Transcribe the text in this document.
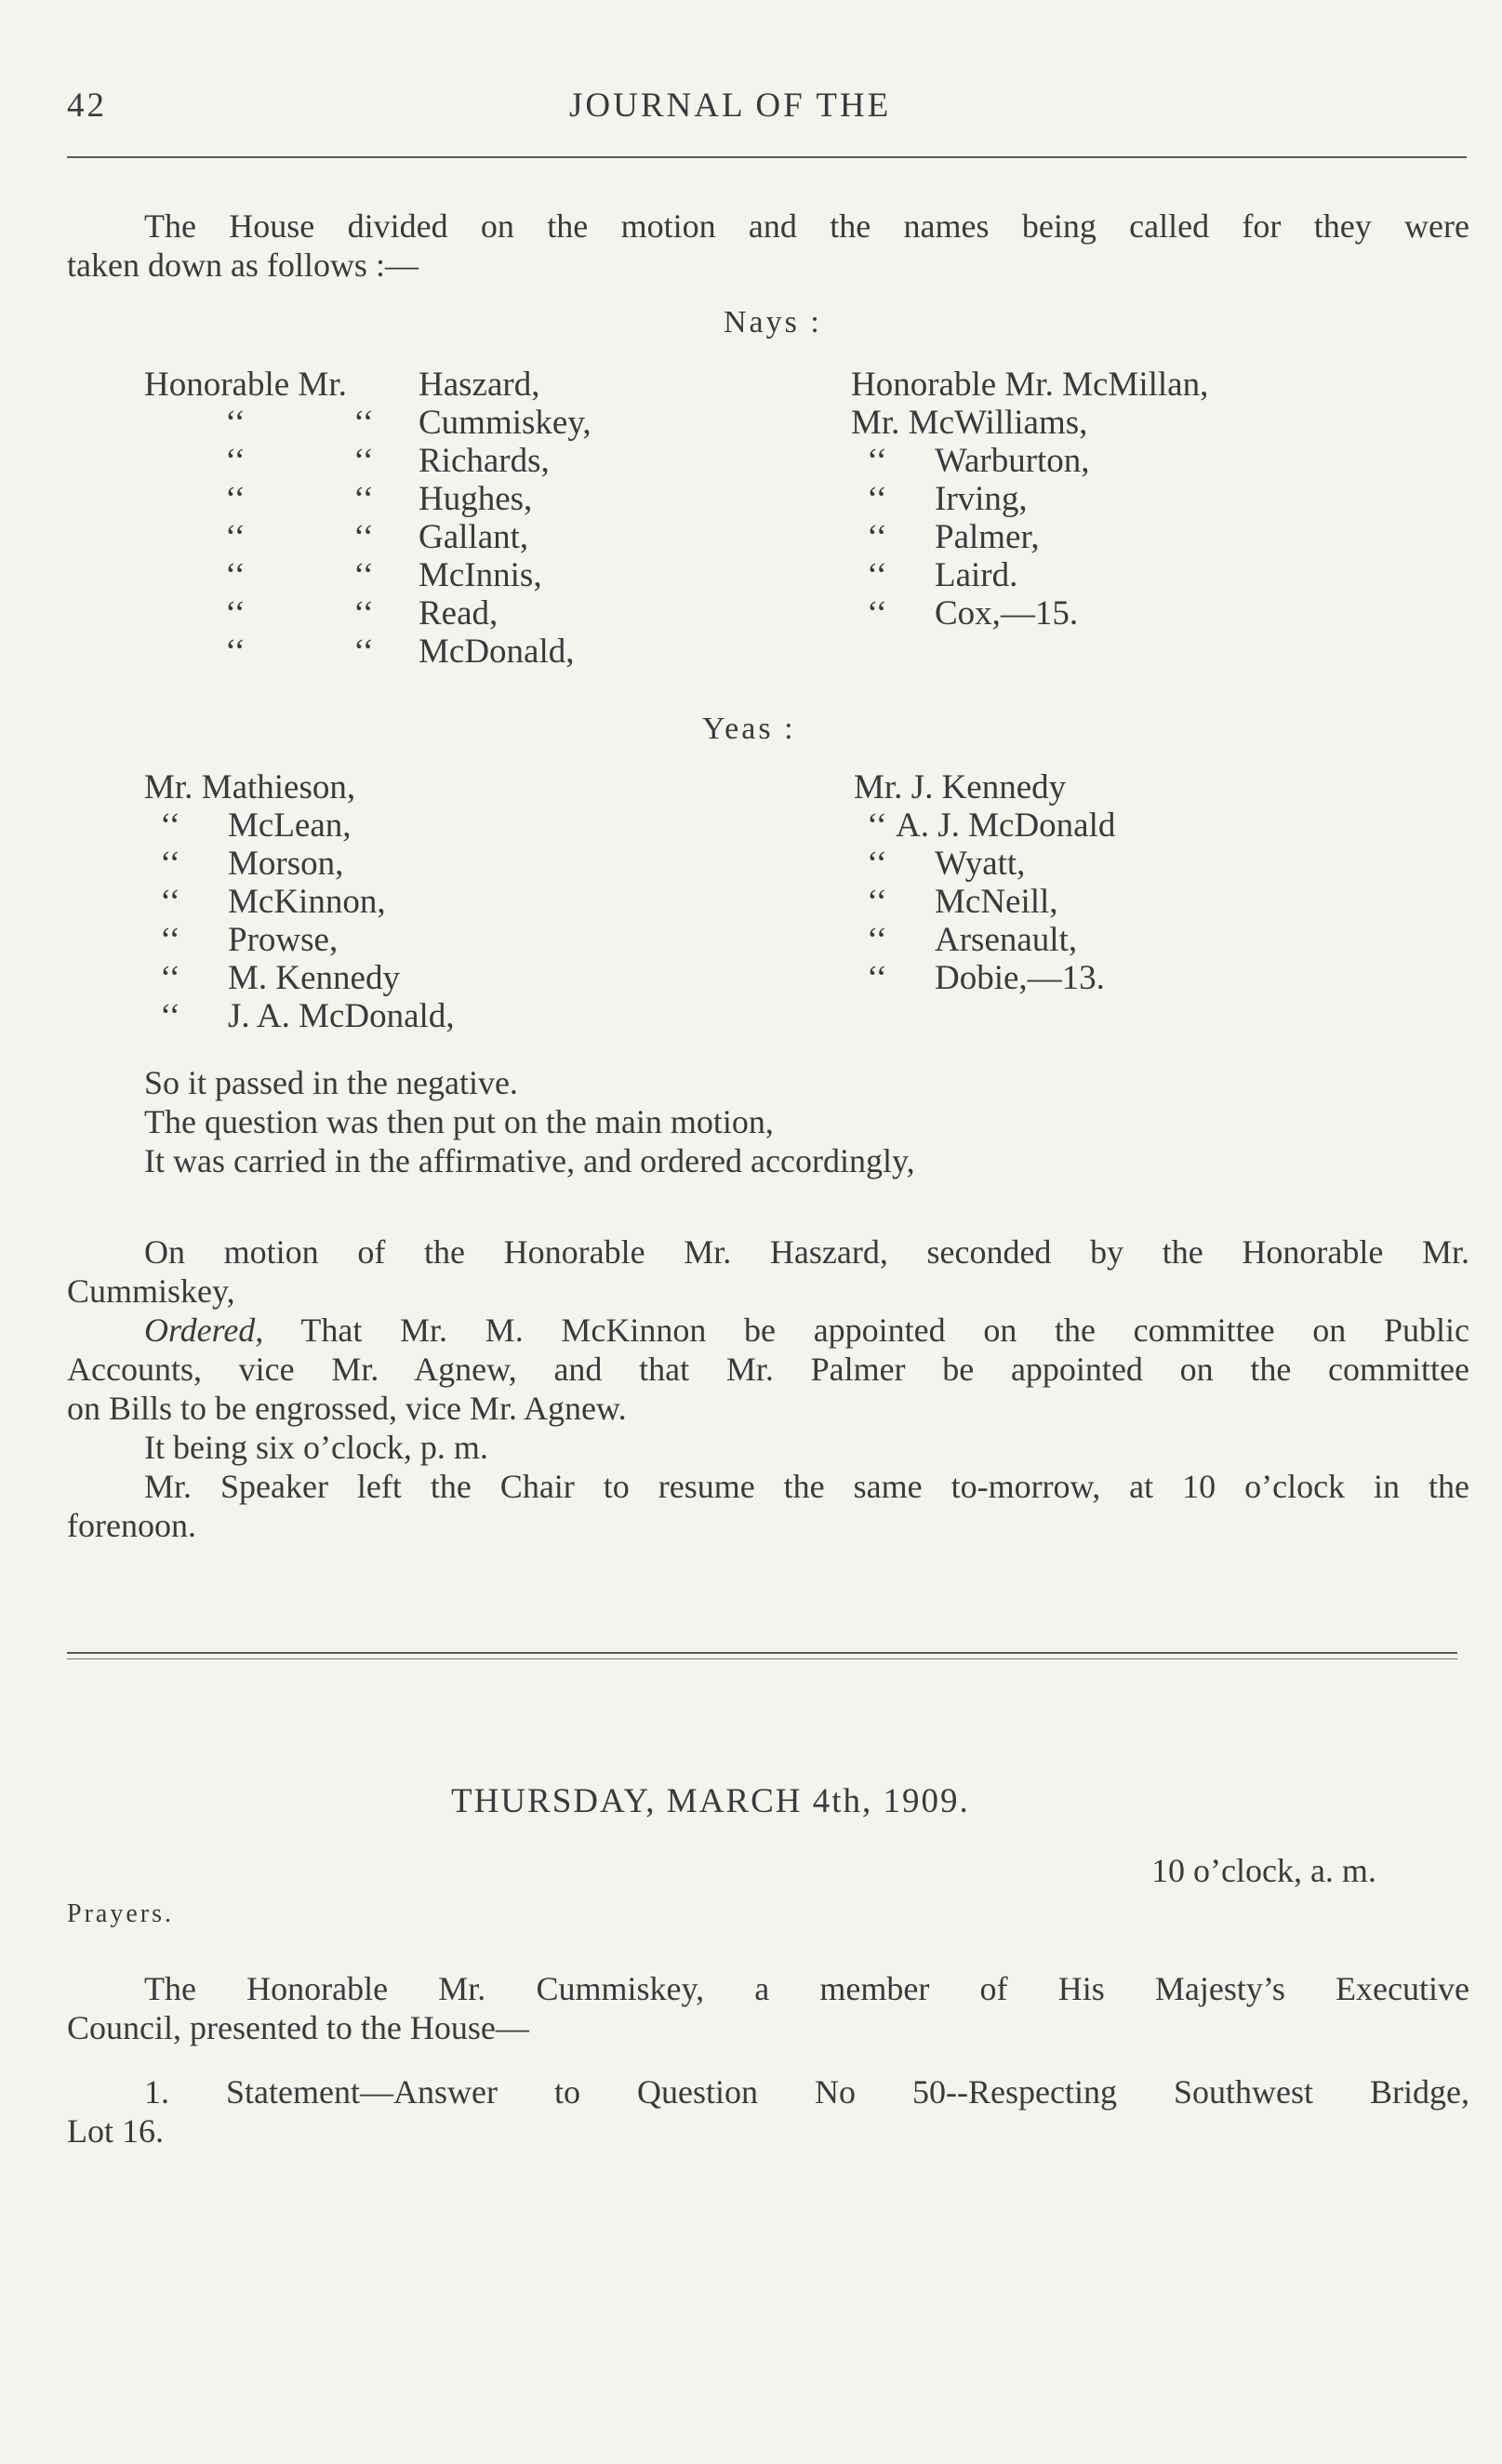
42	JOURNAL OF THE
The House divided on the motion and the names being called for they were
taken down as follows :—
Nays :
Honorable Mr.
‘‘
‘‘
‘‘
‘‘
‘‘
‘‘
‘‘
‘‘
‘‘
‘‘
‘‘
‘‘
‘‘
‘‘
Haszard,
Cummiskey,
Richards,
Hughes,
Gallant,
McInnis,
Read,
McDonald,
Honorable Mr. McMillan,
Mr. McWilliams,
‘‘
‘‘
‘‘
‘‘
‘‘
Warburton,
Irving,
Palmer,
Laird.
Cox,—15.
Yeas :
Mr. Mathieson,
‘‘
‘‘
‘‘
‘‘
‘‘
‘‘
McLean,
Morson,
McKinnon,
Prowse,
M. Kennedy
J. A. McDonald,
Mr. J. Kennedy
‘‘
‘‘
‘‘
‘‘
‘‘
A. J. McDonald
Wyatt,
McNeill,
Arsenault,
Dobie,—13.
So it passed in the negative.
The question was then put on the main motion,
It was carried in the affirmative, and ordered accordingly,
On motion of the Honorable Mr. Haszard, seconded by the Honorable Mr.
Cummiskey,
Ordered, That Mr. M. McKinnon be appointed on the committee on Public
Accounts, vice Mr. Agnew, and that Mr. Palmer be appointed on the committee
on Bills to be engrossed, vice Mr. Agnew.
It being six o’clock, p. m.
Mr. Speaker left the Chair to resume the same to-morrow, at 10 o’clock in the
forenoon.
THURSDAY, MARCH 4th, 1909.
10 o’clock, a. m.
Prayers.
The Honorable Mr. Cummiskey, a member of His Majesty’s Executive
Council, presented to the House—
1. Statement—Answer to Question No 50--Respecting Southwest Bridge,
Lot 16.
